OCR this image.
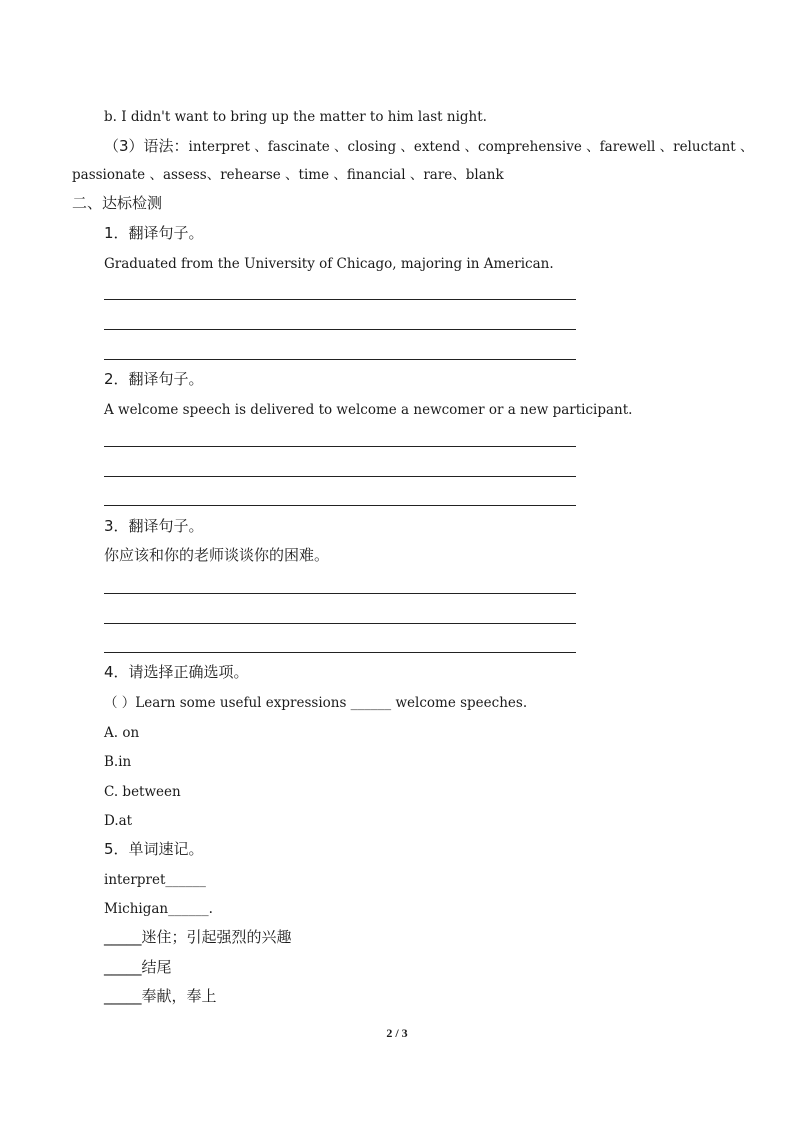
b. I didn't want to bring up the matter to him last night.
（3）语法：interpret 、fascinate 、closing 、extend 、comprehensive 、farewell 、reluctant 、
passionate 、assess、rehearse 、time 、financial 、rare、blank
二、达标检测
1．翻译句子。
Graduated from the University of Chicago, majoring in American.
2．翻译句子。
A welcome speech is delivered to welcome a newcomer or a new participant.
3．翻译句子。
你应该和你的老师谈谈你的困难。
4．请选择正确选项。
（ ）Learn some useful expressions ______ welcome speeches.
A. on
B.in
C. between
D.at
5．单词速记。
interpret______
Michigan______.
_____迷住；引起强烈的兴趣
_____结尾
_____奉献，奉上
2 / 3
